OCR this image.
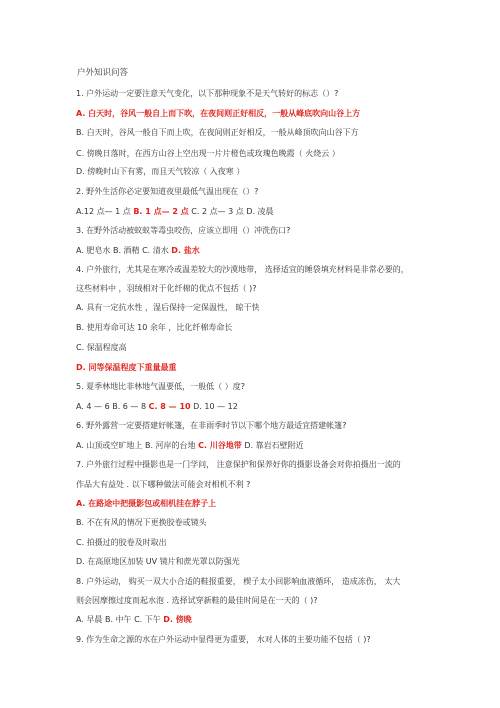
户外知识问答
1. 户外运动一定要注意天气变化，以下那种现象不是天气转好的标志（）?
A. 白天时，谷风一般自上而下吹，在夜间则正好相反，一般从峰底吹向山谷上方
B. 白天时，谷风一般自下而上吹，在夜间则正好相反，一般从峰顶吹向山谷下方
C. 傍晚日落时，在西方山谷上空出现一片片橙色或玫瑰色晚霞（ 火烧云 ）
D. 傍晚时山下有雾，而且天气较凉（ 入夜寒 ）
2. 野外生活你必定要知道夜里最低气温出现在（）?
A.12 点— 1 点 B. 1 点— 2 点 C. 2 点— 3 点 D. 凌晨
3. 在野外活动被蚊蚁等毒虫咬伤，应该立即用（）冲洗伤口?
A. 肥皂水 B. 酒精 C. 清水 D. 盐水
4. 户外旅行，尤其是在寒冷或温差较大的沙漠地带， 选择适宜的睡袋填充材料是非常必要的，
这些材料中 ，羽绒相对于化纤棉的优点不包括（ )?
A. 具有一定抗水性 ，湿后保持一定保温性， 晾干快
B. 使用寿命可达 10 余年 ，比化纤棉寿命长
C. 保温程度高
D. 同等保温程度下重量最重
5. 夏季林地比非林地气温要低，一般低（ ）度?
A. 4 — 6 B. 6 — 8 C. 8 — 10 D. 10 — 12
6. 野外露营一定要搭建好帐篷，在非雨季时节以下哪个地方最适宜搭建帐篷?
A. 山顶或空旷地上 B. 河岸的台地 C. 川谷地带 D. 靠岩石壁附近
7. 户外旅行过程中摄影也是一门学问， 注意保护和保养好你的摄影设备会对你拍摄出一流的
作品大有益处 . 以下哪种做法可能会对相机不利 ?
A. 在路途中把摄影包或相机挂在脖子上
B. 不在有风的情况下更换胶卷或镜头
C. 拍摄过的胶卷及时取出
D. 在高原地区加装 UV 镜片和蔗光罩以防强光
8. 户外运动， 购买一双大小合适的鞋报重要， 楔子太小回影响血液循环， 造成冻伤， 太大
则会因摩擦过度而起水泡 . 选择试穿新鞋的最佳时间是在一天的（ )?
A. 早晨 B. 中午 C. 下午 D. 傍晚
9. 作为生命之源的水在户外运动中显得更为重要， 水对人体的主要功能不包括（ )?
